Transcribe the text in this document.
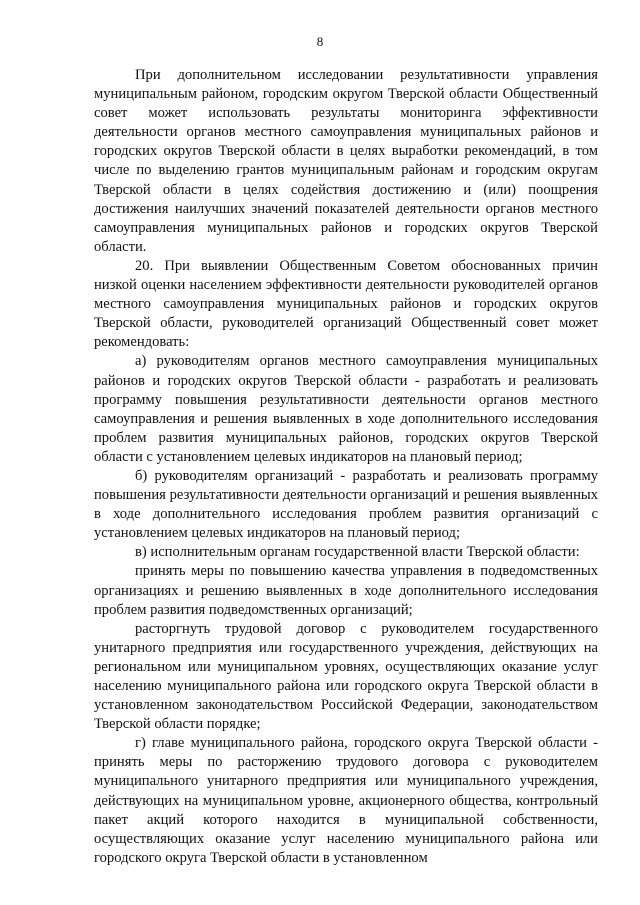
8

При дополнительном исследовании результативности управления муниципальным районом, городским округом Тверской области Общественный совет может использовать результаты мониторинга эффективности деятельности органов местного самоуправления муниципальных районов и городских округов Тверской области в целях выработки рекомендаций, в том числе по выделению грантов муниципальным районам и городским округам Тверской области в целях содействия достижению и (или) поощрения достижения наилучших значений показателей деятельности органов местного самоуправления муниципальных районов и городских округов Тверской области.

20. При выявлении Общественным Советом обоснованных причин низкой оценки населением эффективности деятельности руководителей органов местного самоуправления муниципальных районов и городских округов Тверской области, руководителей организаций Общественный совет может рекомендовать:

а) руководителям органов местного самоуправления муниципальных районов и городских округов Тверской области - разработать и реализовать программу повышения результативности деятельности органов местного самоуправления и решения выявленных в ходе дополнительного исследования проблем развития муниципальных районов, городских округов Тверской области с установлением целевых индикаторов на плановый период;

б) руководителям организаций - разработать и реализовать программу повышения результативности деятельности организаций и решения выявленных в ходе дополнительного исследования проблем развития организаций с установлением целевых индикаторов на плановый период;

в) исполнительным органам государственной власти Тверской области:

принять меры по повышению качества управления в подведомственных организациях и решению выявленных в ходе дополнительного исследования проблем развития подведомственных организаций;

расторгнуть трудовой договор с руководителем государственного унитарного предприятия или государственного учреждения, действующих на региональном или муниципальном уровнях, осуществляющих оказание услуг населению муниципального района или городского округа Тверской области в установленном законодательством Российской Федерации, законодательством Тверской области порядке;

г) главе муниципального района, городского округа Тверской области - принять меры по расторжению трудового договора с руководителем муниципального унитарного предприятия или муниципального учреждения, действующих на муниципальном уровне, акционерного общества, контрольный пакет акций которого находится в муниципальной собственности, осуществляющих оказание услуг населению муниципального района или городского округа Тверской области в установленном
